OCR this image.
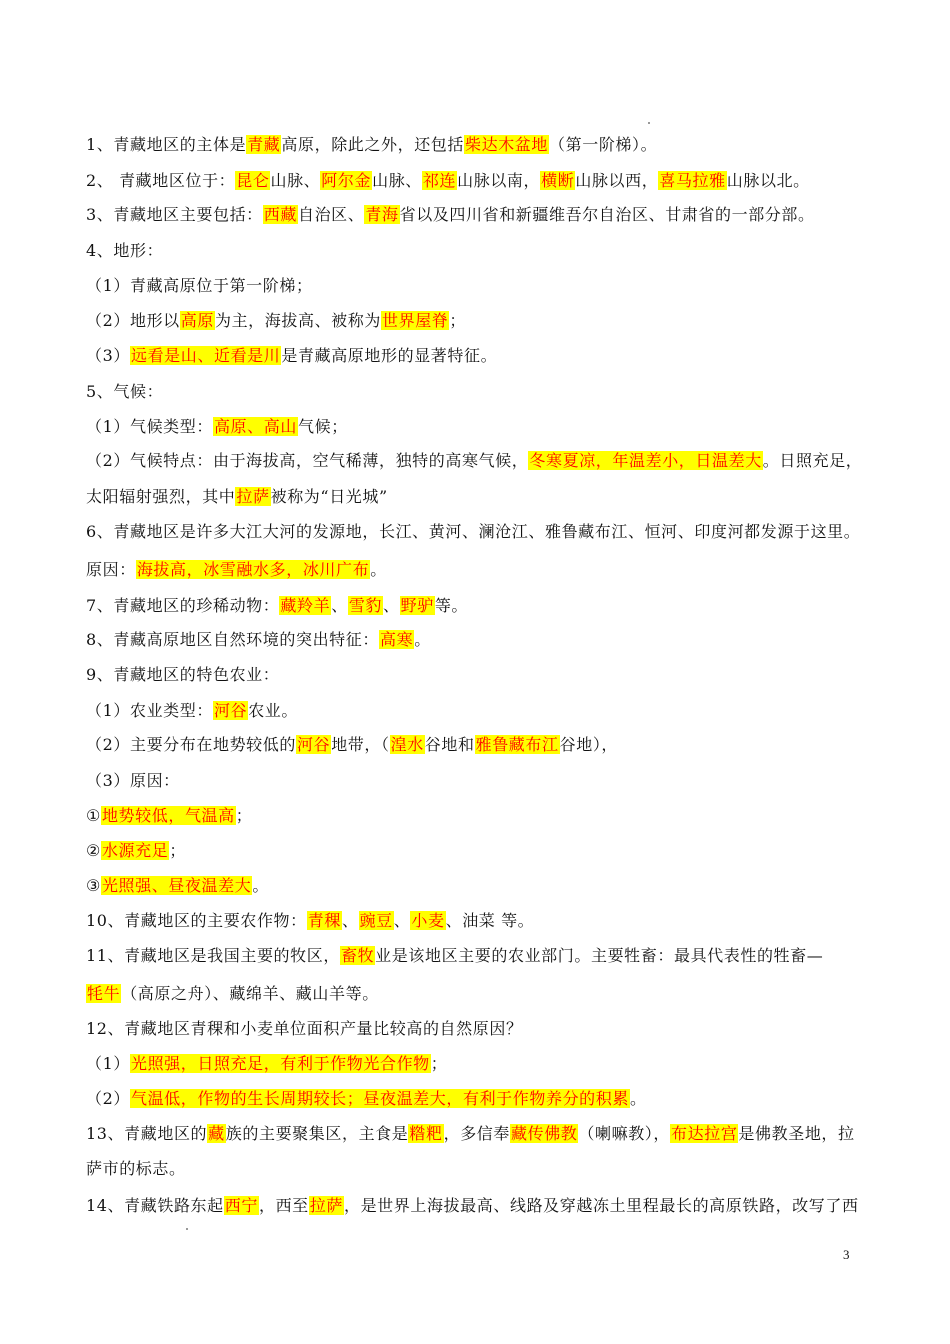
1、青藏地区的主体是青藏高原，除此之外，还包括柴达木盆地（第一阶梯）。
2、 青藏地区位于：昆仑山脉、阿尔金山脉、祁连山脉以南，横断山脉以西，喜马拉雅山脉以北。
3、青藏地区主要包括：西藏自治区、青海省以及四川省和新疆维吾尔自治区、甘肃省的一部分部。
4、地形：
（1）青藏高原位于第一阶梯；
（2）地形以高原为主，海拔高、被称为世界屋脊；
（3）远看是山、近看是川是青藏高原地形的显著特征。
5、气候：
（1）气候类型：高原、高山气候；
（2）气候特点：由于海拔高，空气稀薄，独特的高寒气候，冬寒夏凉，年温差小，日温差大。日照充足，
太阳辐射强烈，其中拉萨被称为“日光城”
6、青藏地区是许多大江大河的发源地，长江、黄河、澜沧江、雅鲁藏布江、恒河、印度河都发源于这里。
原因：海拔高，冰雪融水多，冰川广布。
7、青藏地区的珍稀动物：藏羚羊、雪豹、野驴等。
8、青藏高原地区自然环境的突出特征：高寒。
9、青藏地区的特色农业：
（1）农业类型：河谷农业。
（2）主要分布在地势较低的河谷地带，（湟水谷地和雅鲁藏布江谷地），
（3）原因：
①地势较低，气温高；
②水源充足；
③光照强、昼夜温差大。
10、青藏地区的主要农作物：青稞、豌豆、小麦、油菜 等。
11、青藏地区是我国主要的牧区，畜牧业是该地区主要的农业部门。主要牲畜：最具代表性的牲畜—
牦牛（高原之舟）、藏绵羊、藏山羊等。
12、青藏地区青稞和小麦单位面积产量比较高的自然原因？
（1）光照强，日照充足，有利于作物光合作物；
（2）气温低，作物的生长周期较长；昼夜温差大，有利于作物养分的积累。
13、青藏地区的藏族的主要聚集区，主食是糌粑，多信奉藏传佛教（喇嘛教），布达拉宫是佛教圣地，拉
萨市的标志。
14、青藏铁路东起西宁，西至拉萨，是世界上海拔最高、线路及穿越冻土里程最长的高原铁路，改写了西
3
